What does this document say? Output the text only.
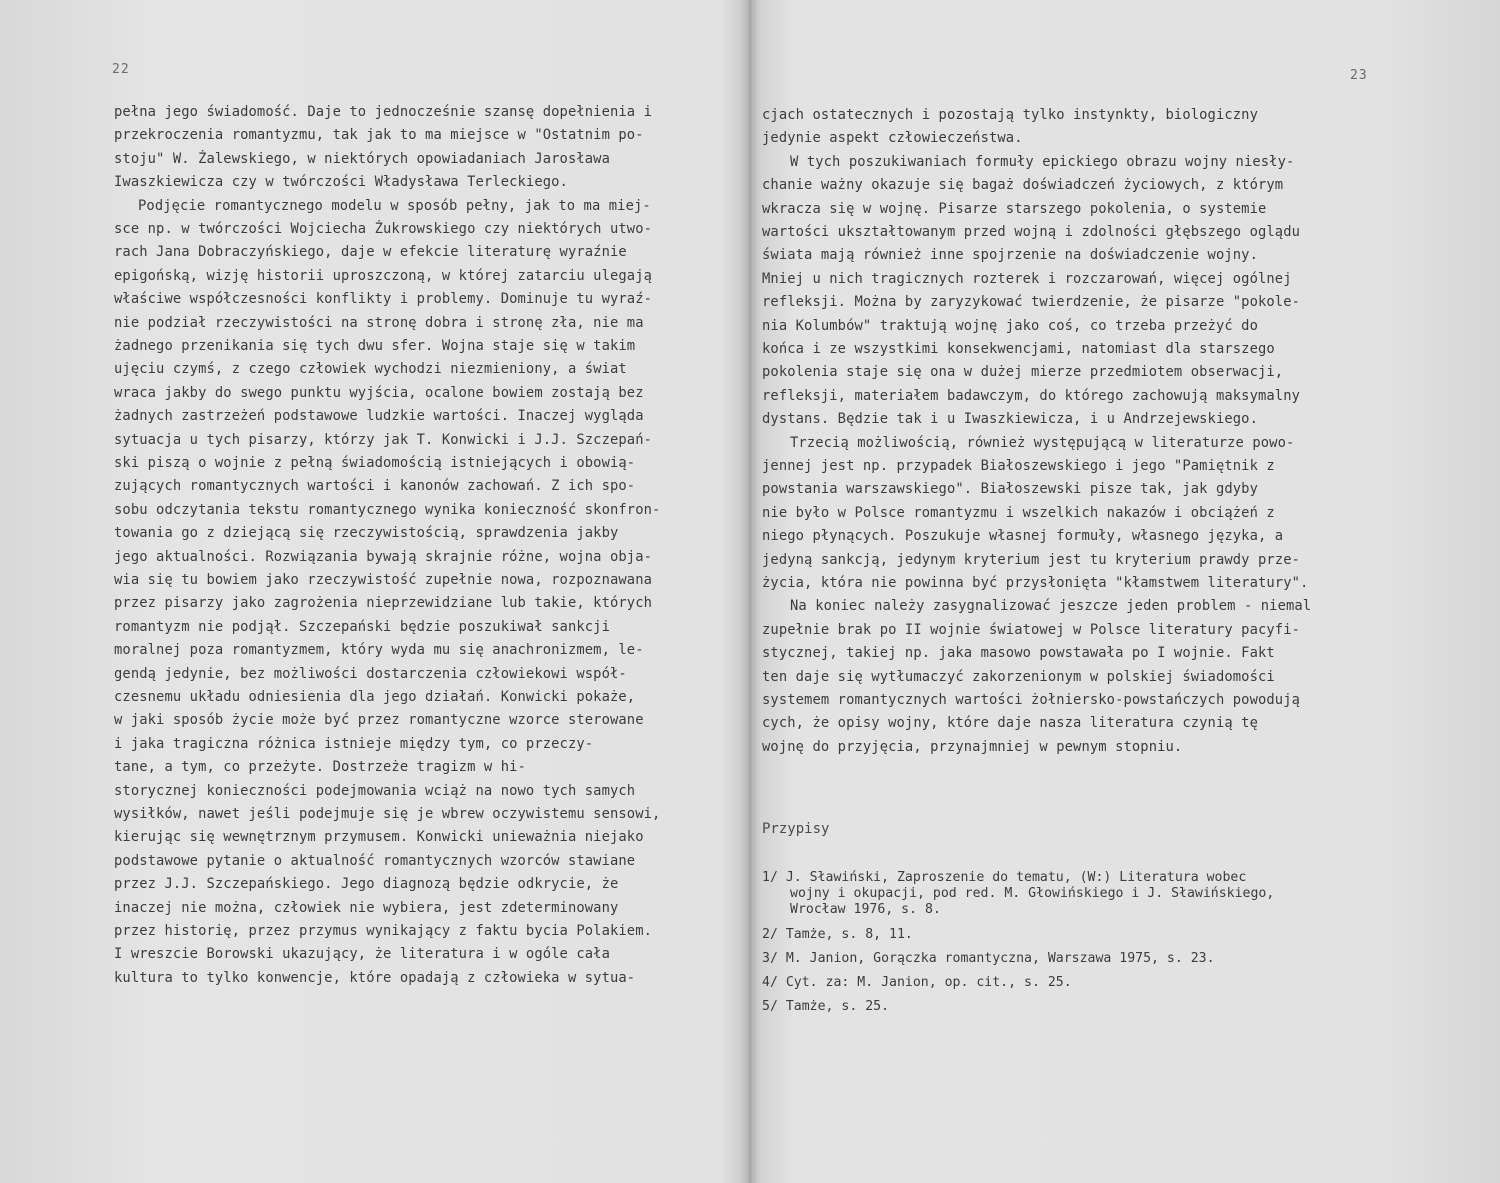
22
pełna jego świadomość. Daje to jednocześnie szansę dopełnienia i
przekroczenia romantyzmu, tak jak to ma miejsce w "Ostatnim po-
stoju" W. Żalewskiego, w niektórych opowiadaniach Jarosława
Iwaszkiewicza czy w twórczości Władysława Terleckiego.
Podjęcie romantycznego modelu w sposób pełny, jak to ma miej-
sce np. w twórczości Wojciecha Żukrowskiego czy niektórych utwo-
rach Jana Dobraczyńskiego, daje w efekcie literaturę wyraźnie
epigońską, wizję historii uproszczoną, w której zatarciu ulegają
właściwe współczesności konflikty i problemy. Dominuje tu wyraź-
nie podział rzeczywistości na stronę dobra i stronę zła, nie ma
żadnego przenikania się tych dwu sfer. Wojna staje się w takim
ujęciu czymś, z czego człowiek wychodzi niezmieniony, a świat
wraca jakby do swego punktu wyjścia, ocalone bowiem zostają bez
żadnych zastrzeżeń podstawowe ludzkie wartości. Inaczej wygląda
sytuacja u tych pisarzy, którzy jak T. Konwicki i J.J. Szczepań-
ski piszą o wojnie z pełną świadomością istniejących i obowią-
zujących romantycznych wartości i kanonów zachowań. Z ich spo-
sobu odczytania tekstu romantycznego wynika konieczność skonfron-
towania go z dziejącą się rzeczywistością, sprawdzenia jakby
jego aktualności. Rozwiązania bywają skrajnie różne, wojna obja-
wia się tu bowiem jako rzeczywistość zupełnie nowa, rozpoznawana
przez pisarzy jako zagrożenia nieprzewidziane lub takie, których
romantyzm nie podjął. Szczepański będzie poszukiwał sankcji
moralnej poza romantyzmem, który wyda mu się anachronizmem, le-
gendą jedynie, bez możliwości dostarczenia człowiekowi współ-
czesnemu układu odniesienia dla jego działań. Konwicki pokaże,
w jaki sposób życie może być przez romantyczne wzorce sterowane
i jaka tragiczna różnica istnieje między tym, co przeczy-
tane, a tym, co przeżyte. Dostrzeże tragizm w hi-
storycznej konieczności podejmowania wciąż na nowo tych samych
wysiłków, nawet jeśli podejmuje się je wbrew oczywistemu sensowi,
kierując się wewnętrznym przymusem. Konwicki unieważnia niejako
podstawowe pytanie o aktualność romantycznych wzorców stawiane
przez J.J. Szczepańskiego. Jego diagnozą będzie odkrycie, że
inaczej nie można, człowiek nie wybiera, jest zdeterminowany
przez historię, przez przymus wynikający z faktu bycia Polakiem.
I wreszcie Borowski ukazujący, że literatura i w ogóle cała
kultura to tylko konwencje, które opadają z człowieka w sytua-
23
cjach ostatecznych i pozostają tylko instynkty, biologiczny
jedynie aspekt człowieczeństwa.
W tych poszukiwaniach formuły epickiego obrazu wojny niesły-
chanie ważny okazuje się bagaż doświadczeń życiowych, z którym
wkracza się w wojnę. Pisarze starszego pokolenia, o systemie
wartości ukształtowanym przed wojną i zdolności głębszego oglądu
świata mają również inne spojrzenie na doświadczenie wojny.
Mniej u nich tragicznych rozterek i rozczarowań, więcej ogólnej
refleksji. Można by zaryzykować twierdzenie, że pisarze "pokole-
nia Kolumbów" traktują wojnę jako coś, co trzeba przeżyć do
końca i ze wszystkimi konsekwencjami, natomiast dla starszego
pokolenia staje się ona w dużej mierze przedmiotem obserwacji,
refleksji, materiałem badawczym, do którego zachowują maksymalny
dystans. Będzie tak i u Iwaszkiewicza, i u Andrzejewskiego.
Trzecią możliwością, również występującą w literaturze powo-
jennej jest np. przypadek Białoszewskiego i jego "Pamiętnik z
powstania warszawskiego". Białoszewski pisze tak, jak gdyby
nie było w Polsce romantyzmu i wszelkich nakazów i obciążeń z
niego płynących. Poszukuje własnej formuły, własnego języka, a
jedyną sankcją, jedynym kryterium jest tu kryterium prawdy prze-
życia, która nie powinna być przysłonięta "kłamstwem literatury".
Na koniec należy zasygnalizować jeszcze jeden problem - niemal
zupełnie brak po II wojnie światowej w Polsce literatury pacyfi-
stycznej, takiej np. jaka masowo powstawała po I wojnie. Fakt
ten daje się wytłumaczyć zakorzenionym w polskiej świadomości
systemem romantycznych wartości żołniersko-powstańczych powodują
cych, że opisy wojny, które daje nasza literatura czynią tę
wojnę do przyjęcia, przynajmniej w pewnym stopniu.
Przypisy
1/ J. Sławiński, Zaproszenie do tematu, (W:) Literatura wobec
wojny i okupacji, pod red. M. Głowińskiego i J. Sławińskiego,
Wrocław 1976, s. 8.
2/ Tamże, s. 8, 11.
3/ M. Janion, Gorączka romantyczna, Warszawa 1975, s. 23.
4/ Cyt. za: M. Janion, op. cit., s. 25.
5/ Tamże, s. 25.
